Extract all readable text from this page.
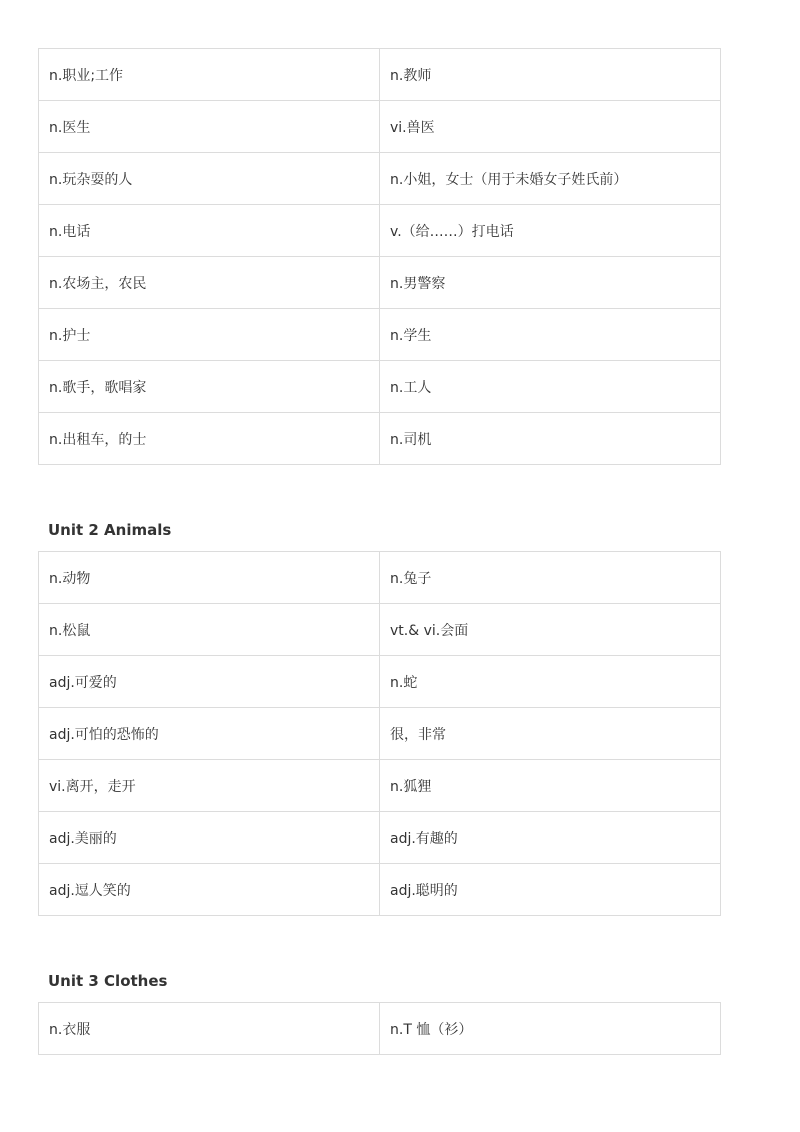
n.职业;工作	n.教师
n.医生	vi.兽医
n.玩杂耍的人	n.小姐，女士（用于未婚女子姓氏前）
n.电话	v.（给……）打电话
n.农场主，农民	n.男警察
n.护士	n.学生
n.歌手，歌唱家	n.工人
n.出租车，的士	n.司机
Unit 2 Animals
n.动物	n.兔子
n.松鼠	vt.& vi.会面
adj.可爱的	n.蛇
adj.可怕的恐怖的	很，非常
vi.离开，走开	n.狐狸
adj.美丽的	adj.有趣的
adj.逗人笑的	adj.聪明的
Unit 3 Clothes
n.衣服	n.T 恤（衫）
